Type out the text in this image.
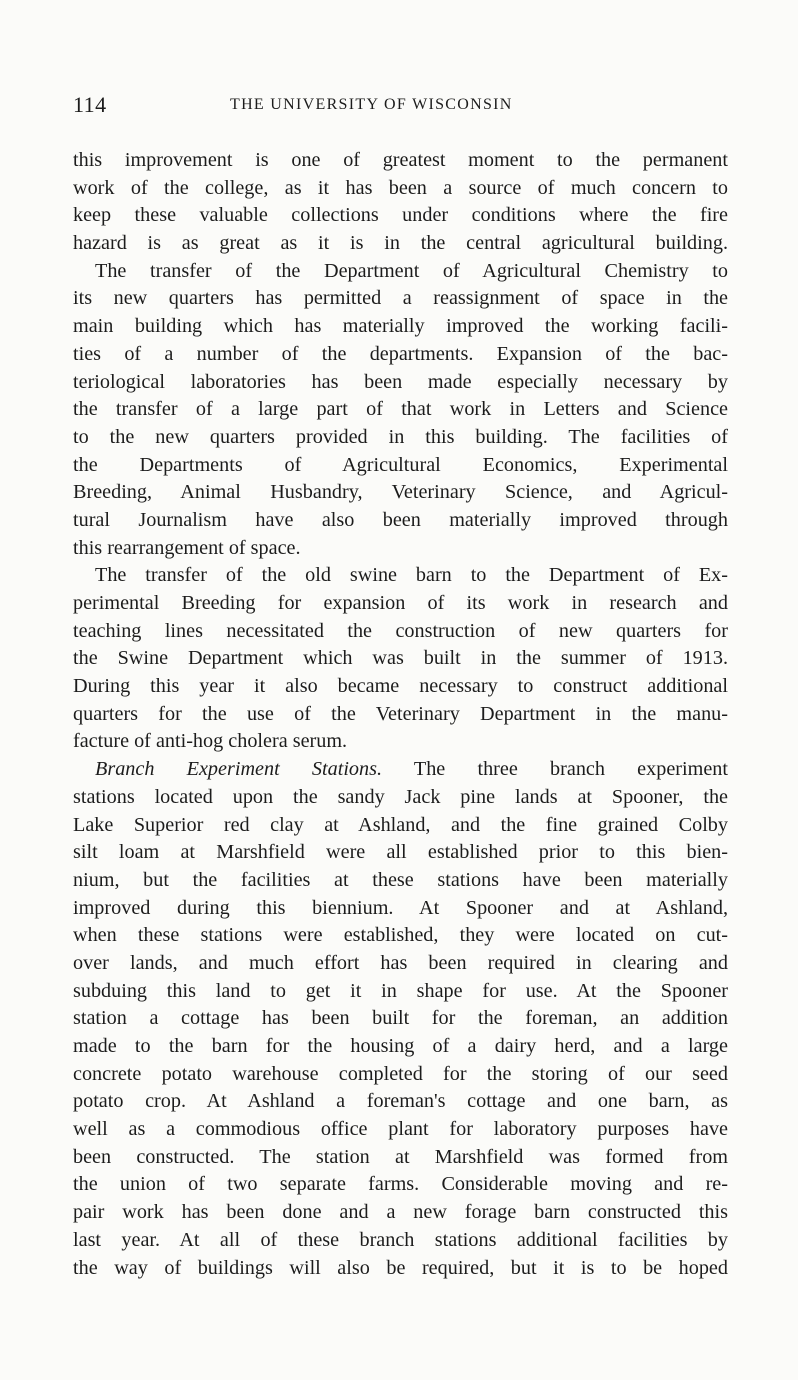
114	THE UNIVERSITY OF WISCONSIN
this improvement is one of greatest moment to the permanent
work of the college, as it has been a source of much concern to
keep these valuable collections under conditions where the fire
hazard is as great as it is in the central agricultural building.
The transfer of the Department of Agricultural Chemistry to
its new quarters has permitted a reassignment of space in the
main building which has materially improved the working facili-
ties of a number of the departments. Expansion of the bac-
teriological laboratories has been made especially necessary by
the transfer of a large part of that work in Letters and Science
to the new quarters provided in this building. The facilities of
the Departments of Agricultural Economics, Experimental
Breeding, Animal Husbandry, Veterinary Science, and Agricul-
tural Journalism have also been materially improved through
this rearrangement of space.
The transfer of the old swine barn to the Department of Ex-
perimental Breeding for expansion of its work in research and
teaching lines necessitated the construction of new quarters for
the Swine Department which was built in the summer of 1913.
During this year it also became necessary to construct additional
quarters for the use of the Veterinary Department in the manu-
facture of anti-hog cholera serum.
Branch Experiment Stations. The three branch experiment
stations located upon the sandy Jack pine lands at Spooner, the
Lake Superior red clay at Ashland, and the fine grained Colby
silt loam at Marshfield were all established prior to this bien-
nium, but the facilities at these stations have been materially
improved during this biennium. At Spooner and at Ashland,
when these stations were established, they were located on cut-
over lands, and much effort has been required in clearing and
subduing this land to get it in shape for use. At the Spooner
station a cottage has been built for the foreman, an addition
made to the barn for the housing of a dairy herd, and a large
concrete potato warehouse completed for the storing of our seed
potato crop. At Ashland a foreman's cottage and one barn, as
well as a commodious office plant for laboratory purposes have
been constructed. The station at Marshfield was formed from
the union of two separate farms. Considerable moving and re-
pair work has been done and a new forage barn constructed this
last year. At all of these branch stations additional facilities by
the way of buildings will also be required, but it is to be hoped
